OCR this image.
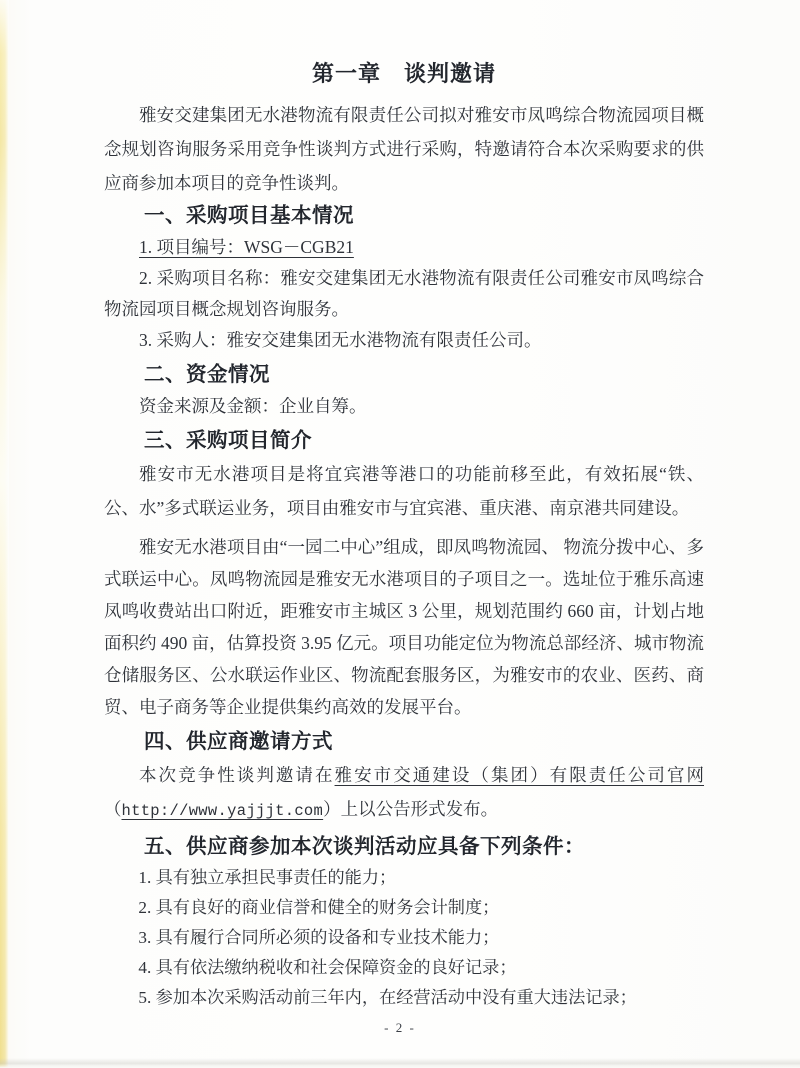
第一章　谈判邀请

雅安交建集团无水港物流有限责任公司拟对雅安市凤鸣综合物流园项目概念规划咨询服务采用竞争性谈判方式进行采购，特邀请符合本次采购要求的供应商参加本项目的竞争性谈判。

一、采购项目基本情况

1. 项目编号：WSG－CGB21

2. 采购项目名称：雅安交建集团无水港物流有限责任公司雅安市凤鸣综合物流园项目概念规划咨询服务。

3. 采购人：雅安交建集团无水港物流有限责任公司。

二、资金情况

资金来源及金额：企业自筹。

三、采购项目简介

雅安市无水港项目是将宜宾港等港口的功能前移至此，有效拓展“铁、公、水”多式联运业务，项目由雅安市与宜宾港、重庆港、南京港共同建设。

雅安无水港项目由“一园二中心”组成，即凤鸣物流园、 物流分拨中心、多式联运中心。凤鸣物流园是雅安无水港项目的子项目之一。选址位于雅乐高速凤鸣收费站出口附近，距雅安市主城区 3 公里，规划范围约 660 亩，计划占地面积约 490 亩，估算投资 3.95 亿元。项目功能定位为物流总部经济、城市物流仓储服务区、公水联运作业区、物流配套服务区，为雅安市的农业、医药、商贸、电子商务等企业提供集约高效的发展平台。

四、供应商邀请方式

本次竞争性谈判邀请在雅安市交通建设（集团）有限责任公司官网（http://www.yajjjt.com）上以公告形式发布。

五、供应商参加本次谈判活动应具备下列条件：

1. 具有独立承担民事责任的能力；

2. 具有良好的商业信誉和健全的财务会计制度；

3. 具有履行合同所必须的设备和专业技术能力；

4. 具有依法缴纳税收和社会保障资金的良好记录；

5. 参加本次采购活动前三年内，在经营活动中没有重大违法记录；

- 2 -
